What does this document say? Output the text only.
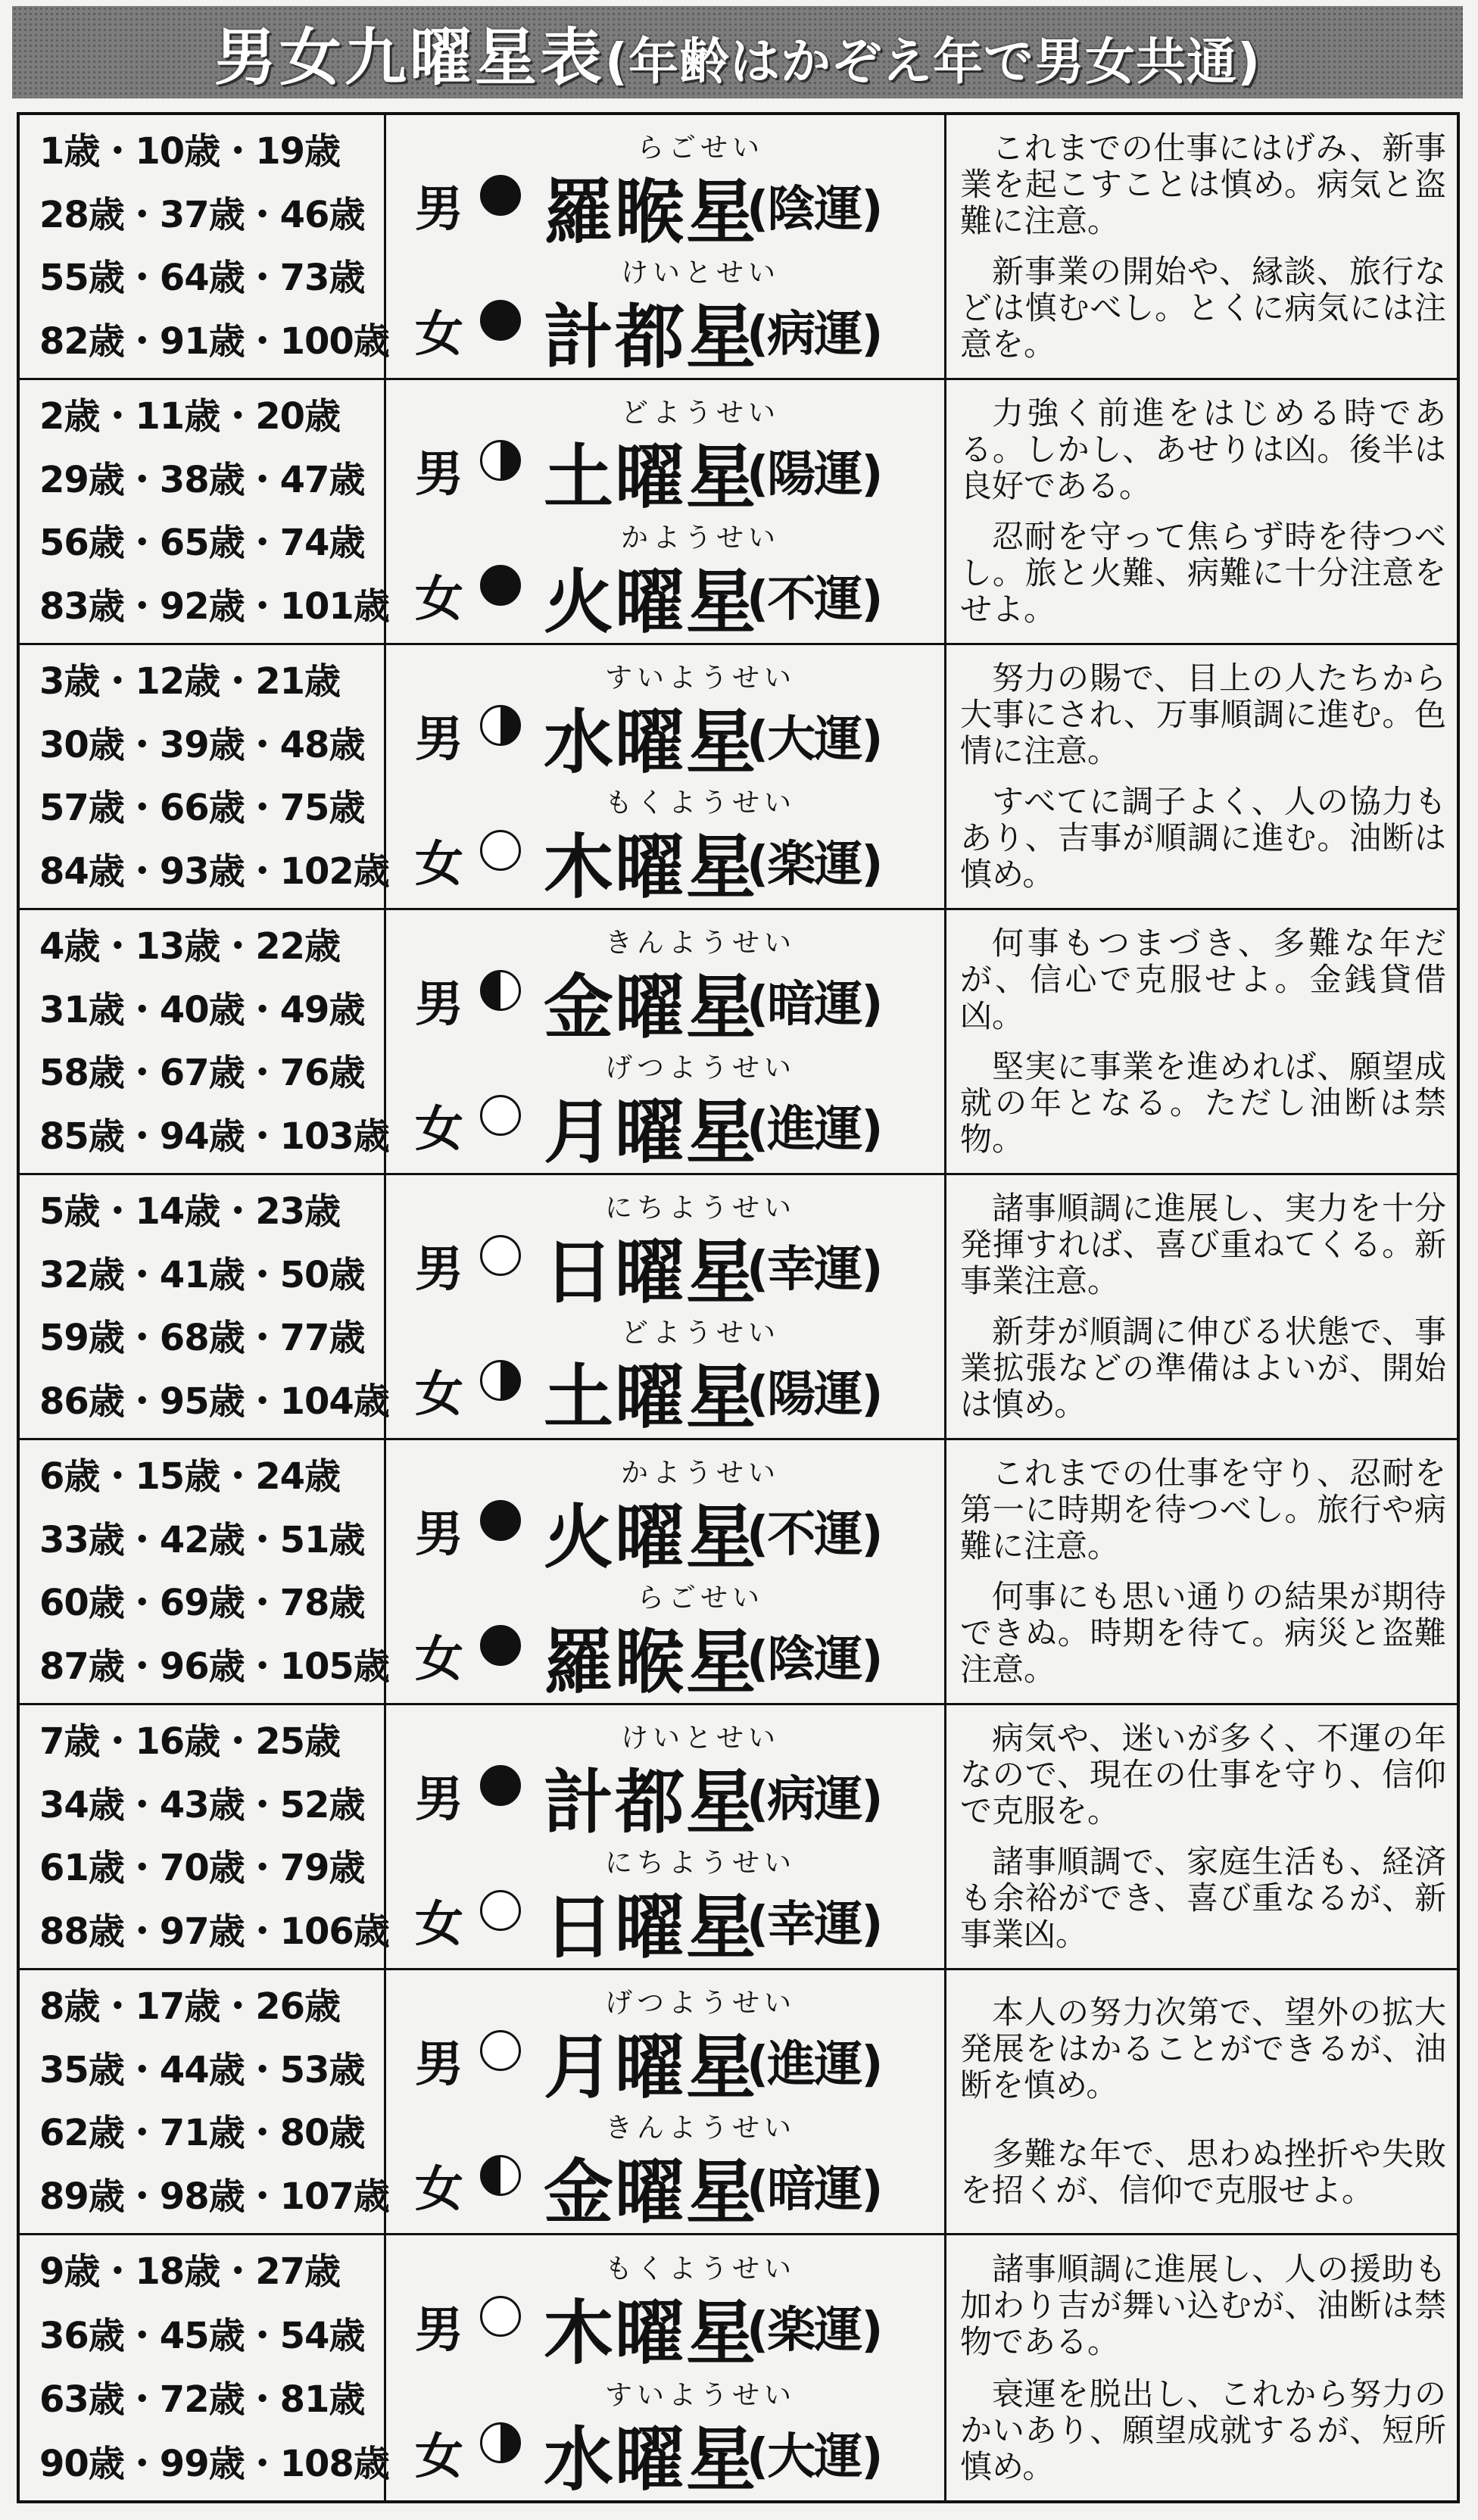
男女九曜星表(年齢はかぞえ年で男女共通)
1歳・10歳・19歳
28歳・37歳・46歳
55歳・64歳・73歳
82歳・91歳・100歳
らごせい
男 羅睺星
(陰運)
けいとせい
女 計都星
(病運)
これまでの仕事にはげみ、新事業を起こすことは慎め。病気と盗難に注意。
新事業の開始や、縁談、旅行などは慎むべし。とくに病気には注意を。
2歳・11歳・20歳
29歳・38歳・47歳
56歳・65歳・74歳
83歳・92歳・101歳
どようせい
男 土曜星
(陽運)
かようせい
女 火曜星
(不運)
力強く前進をはじめる時である。しかし、あせりは凶。後半は良好である。
忍耐を守って焦らず時を待つべし。旅と火難、病難に十分注意をせよ。
3歳・12歳・21歳
30歳・39歳・48歳
57歳・66歳・75歳
84歳・93歳・102歳
すいようせい
男 水曜星
(大運)
もくようせい
女 木曜星
(楽運)
努力の賜で、目上の人たちから大事にされ、万事順調に進む。色情に注意。
すべてに調子よく、人の協力もあり、吉事が順調に進む。油断は慎め。
4歳・13歳・22歳
31歳・40歳・49歳
58歳・67歳・76歳
85歳・94歳・103歳
きんようせい
男 金曜星
(暗運)
げつようせい
女 月曜星
(進運)
何事もつまづき、多難な年だが、信心で克服せよ。金銭貸借凶。
堅実に事業を進めれば、願望成就の年となる。ただし油断は禁物。
5歳・14歳・23歳
32歳・41歳・50歳
59歳・68歳・77歳
86歳・95歳・104歳
にちようせい
男 日曜星
(幸運)
どようせい
女 土曜星
(陽運)
諸事順調に進展し、実力を十分発揮すれば、喜び重ねてくる。新事業注意。
新芽が順調に伸びる状態で、事業拡張などの準備はよいが、開始は慎め。
6歳・15歳・24歳
33歳・42歳・51歳
60歳・69歳・78歳
87歳・96歳・105歳
かようせい
男 火曜星
(不運)
らごせい
女 羅睺星
(陰運)
これまでの仕事を守り、忍耐を第一に時期を待つべし。旅行や病難に注意。
何事にも思い通りの結果が期待できぬ。時期を待て。病災と盗難注意。
7歳・16歳・25歳
34歳・43歳・52歳
61歳・70歳・79歳
88歳・97歳・106歳
けいとせい
男 計都星
(病運)
にちようせい
女 日曜星
(幸運)
病気や、迷いが多く、不運の年なので、現在の仕事を守り、信仰で克服を。
諸事順調で、家庭生活も、経済も余裕ができ、喜び重なるが、新事業凶。
8歳・17歳・26歳
35歳・44歳・53歳
62歳・71歳・80歳
89歳・98歳・107歳
げつようせい
男 月曜星
(進運)
きんようせい
女 金曜星
(暗運)
本人の努力次第で、望外の拡大発展をはかることができるが、油断を慎め。
多難な年で、思わぬ挫折や失敗を招くが、信仰で克服せよ。
9歳・18歳・27歳
36歳・45歳・54歳
63歳・72歳・81歳
90歳・99歳・108歳
もくようせい
男 木曜星
(楽運)
すいようせい
女 水曜星
(大運)
諸事順調に進展し、人の援助も加わり吉が舞い込むが、油断は禁物である。
衰運を脱出し、これから努力のかいあり、願望成就するが、短所慎め。
